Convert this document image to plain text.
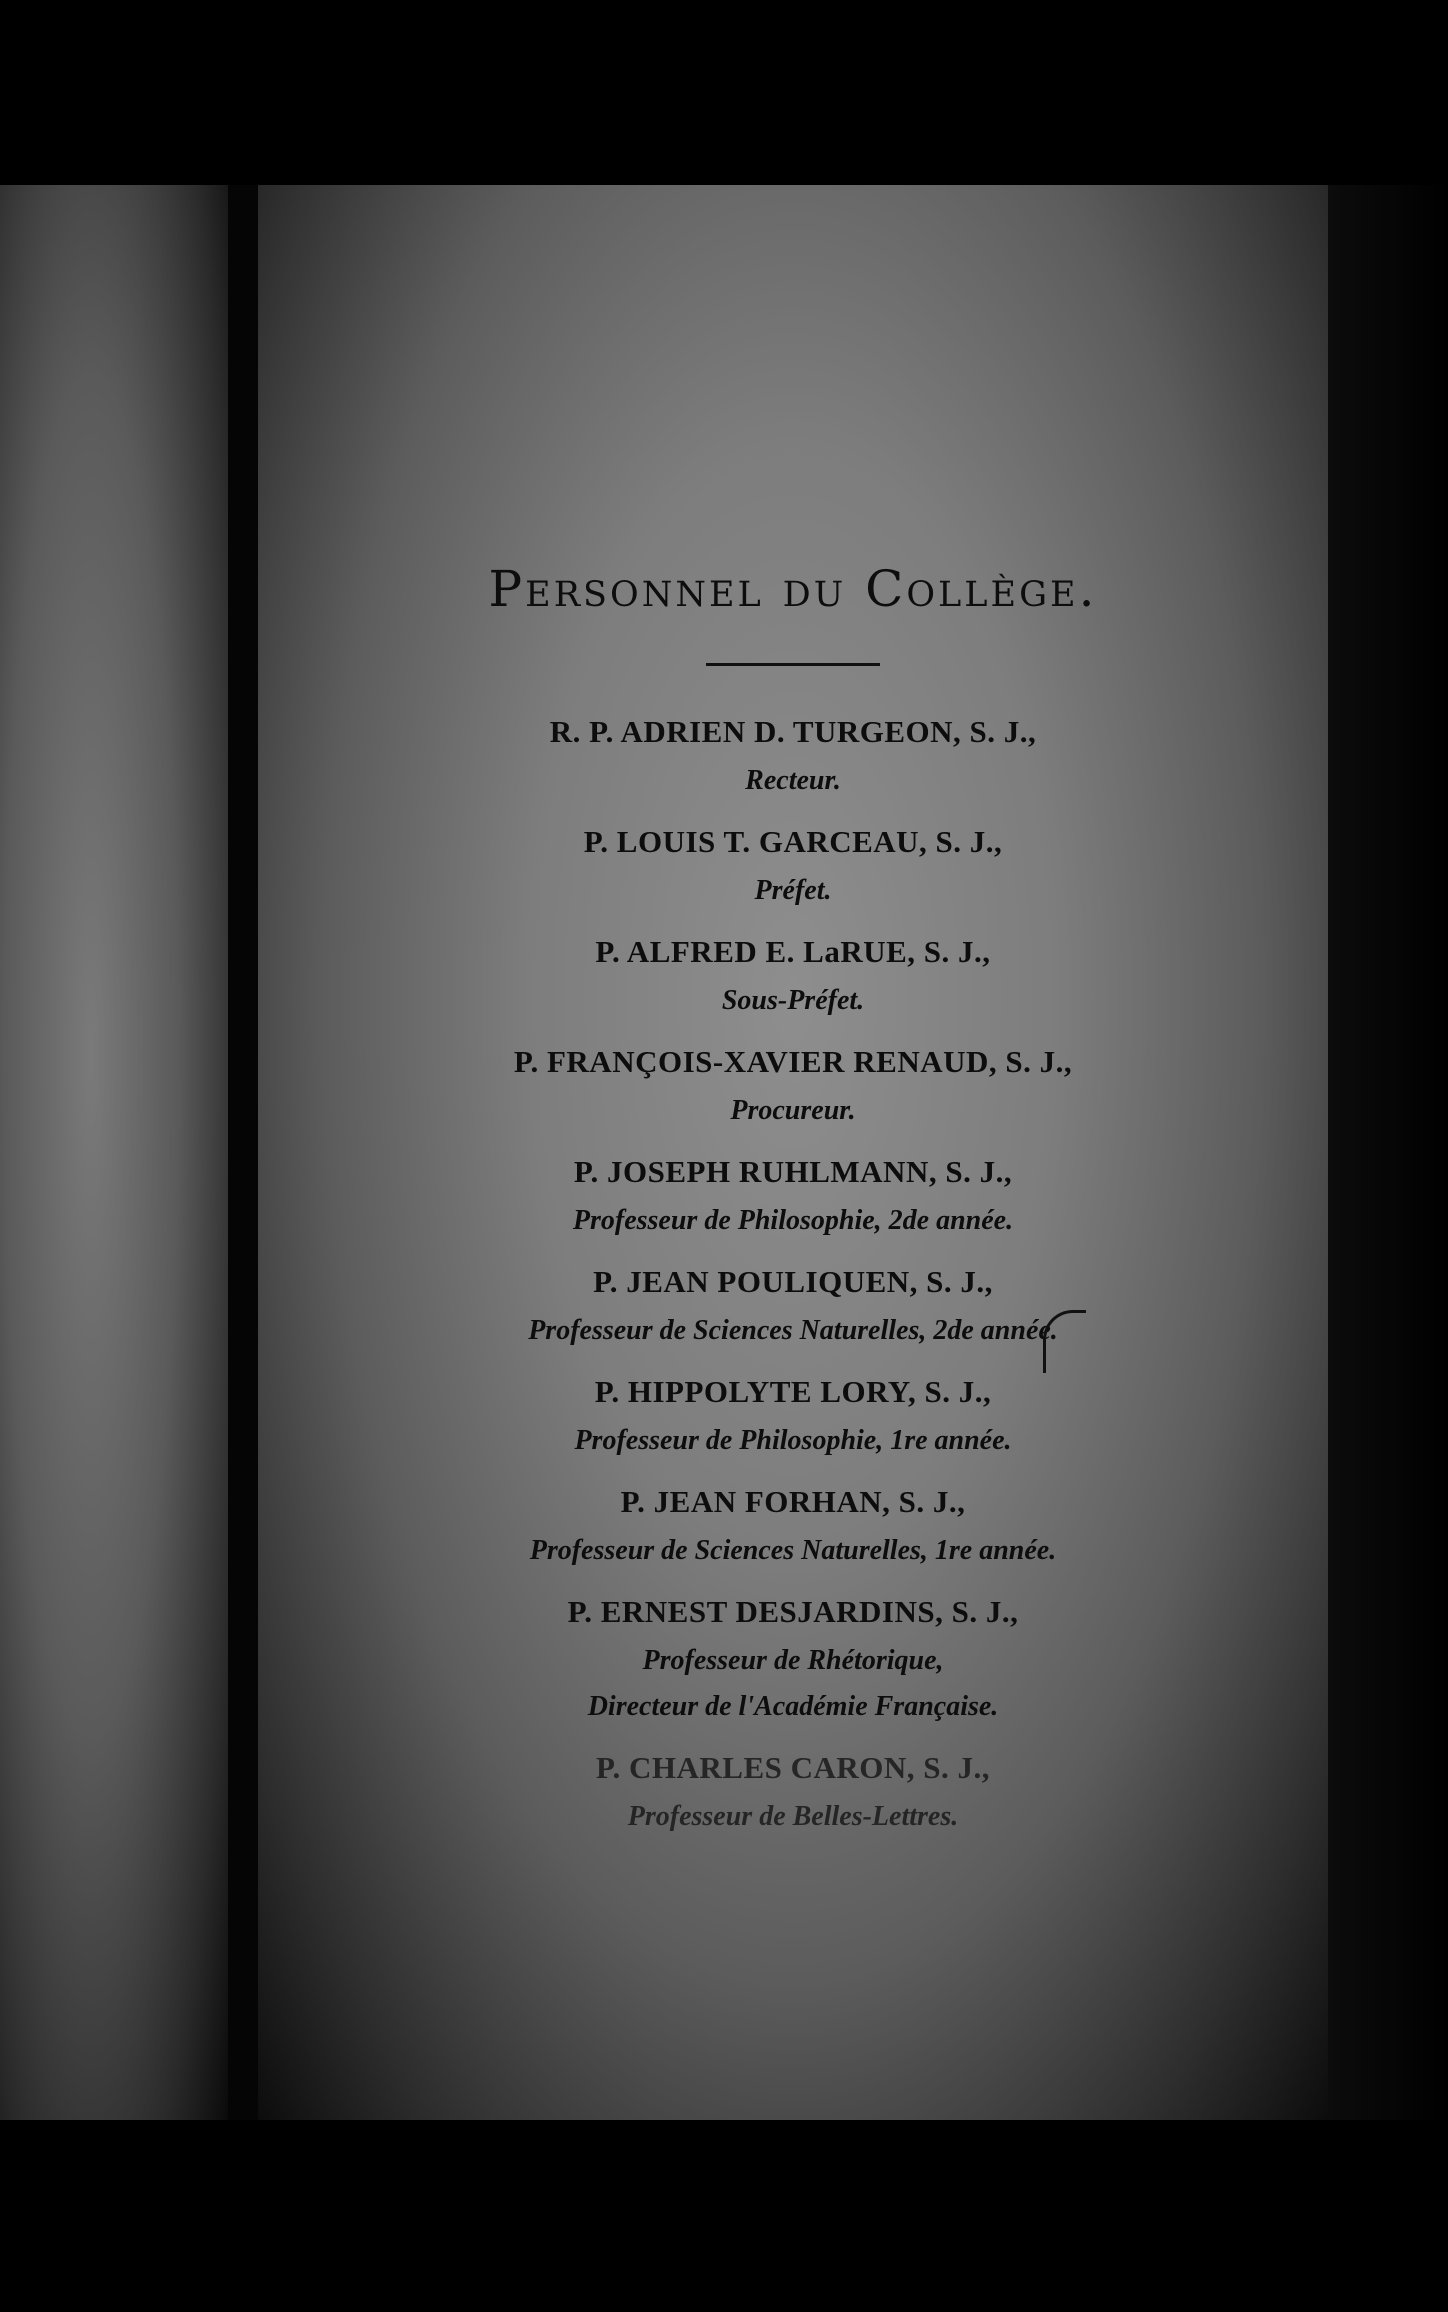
Personnel du Collège.
R. P. ADRIEN D. TURGEON, S. J.,
Recteur.
P. LOUIS T. GARCEAU, S. J.,
Préfet.
P. ALFRED E. LaRUE, S. J.,
Sous-Préfet.
P. FRANÇOIS-XAVIER RENAUD, S. J.,
Procureur.
P. JOSEPH RUHLMANN, S. J.,
Professeur de Philosophie, 2de année.
P. JEAN POULIQUEN, S. J.,
Professeur de Sciences Naturelles, 2de année.
P. HIPPOLYTE LORY, S. J.,
Professeur de Philosophie, 1re année.
P. JEAN FORHAN, S. J.,
Professeur de Sciences Naturelles, 1re année.
P. ERNEST DESJARDINS, S. J.,
Professeur de Rhétorique,
Directeur de l'Académie Française.
P. CHARLES CARON, S. J.,
Professeur de Belles-Lettres.
